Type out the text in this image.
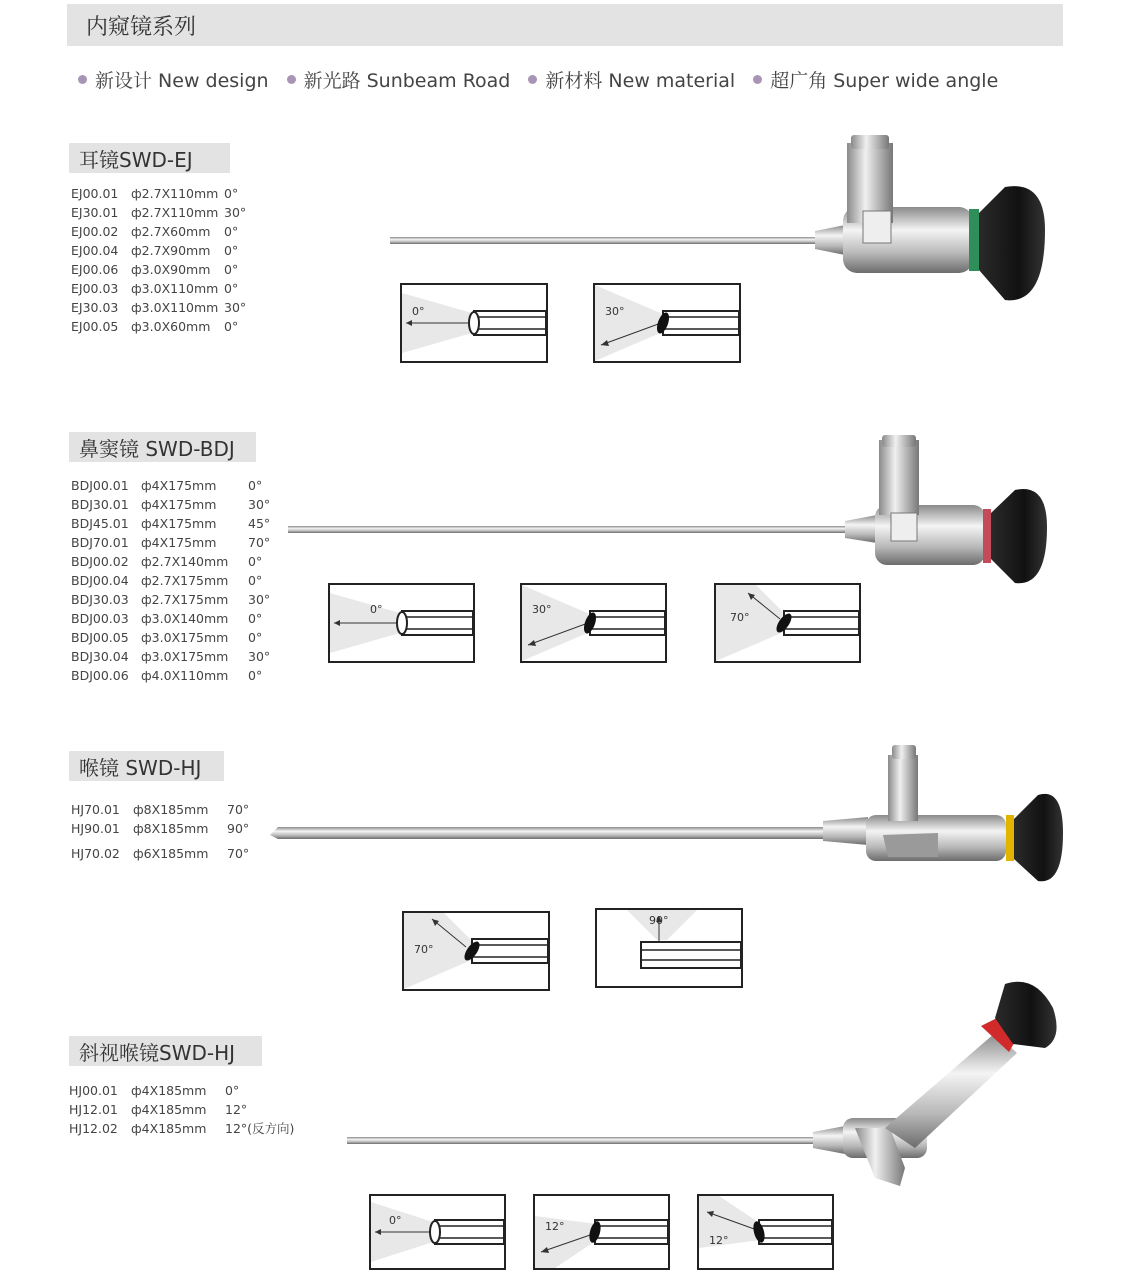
内窥镜系列
新设计 New design 新光路 Sunbeam Road 新材料 New material 超广角 Super wide angle
耳镜SWD-EJ
EJ00.01 ф2.7X110mm 0°
EJ30.01 ф2.7X110mm 30°
EJ00.02 ф2.7X60mm 0°
EJ00.04 ф2.7X90mm 0°
EJ00.06 ф3.0X90mm 0°
EJ00.03 ф3.0X110mm 0°
EJ30.03 ф3.0X110mm 30°
EJ00.05 ф3.0X60mm 0°
0°	30°
鼻窦镜 SWD-BDJ
BDJ00.01 ф4X175mm	0°
BDJ30.01 ф4X175mm	30°
BDJ45.01 ф4X175mm	45°
BDJ70.01 ф4X175mm	70°
BDJ00.02 ф2.7X140mm 0°
BDJ00.04 ф2.7X175mm 0°
BDJ30.03 ф2.7X175mm 30°
BDJ00.03 ф3.0X140mm 0°
BDJ00.05 ф3.0X175mm 0°
BDJ30.04 ф3.0X175mm 30°
BDJ00.06 ф4.0X110mm 0°
0°	30°
70°
喉镜 SWD-HJ
HJ70.01 ф8X185mm 70°
HJ90.01 ф8X185mm 90°
HJ70.02 ф6X185mm 70°
70°
90°
斜视喉镜SWD-HJ
HJ00.01 ф4X185mm 0°
HJ12.01 ф4X185mm 12°
HJ12.02 ф4X185mm 12°(反方向)
0°	12°
12°
